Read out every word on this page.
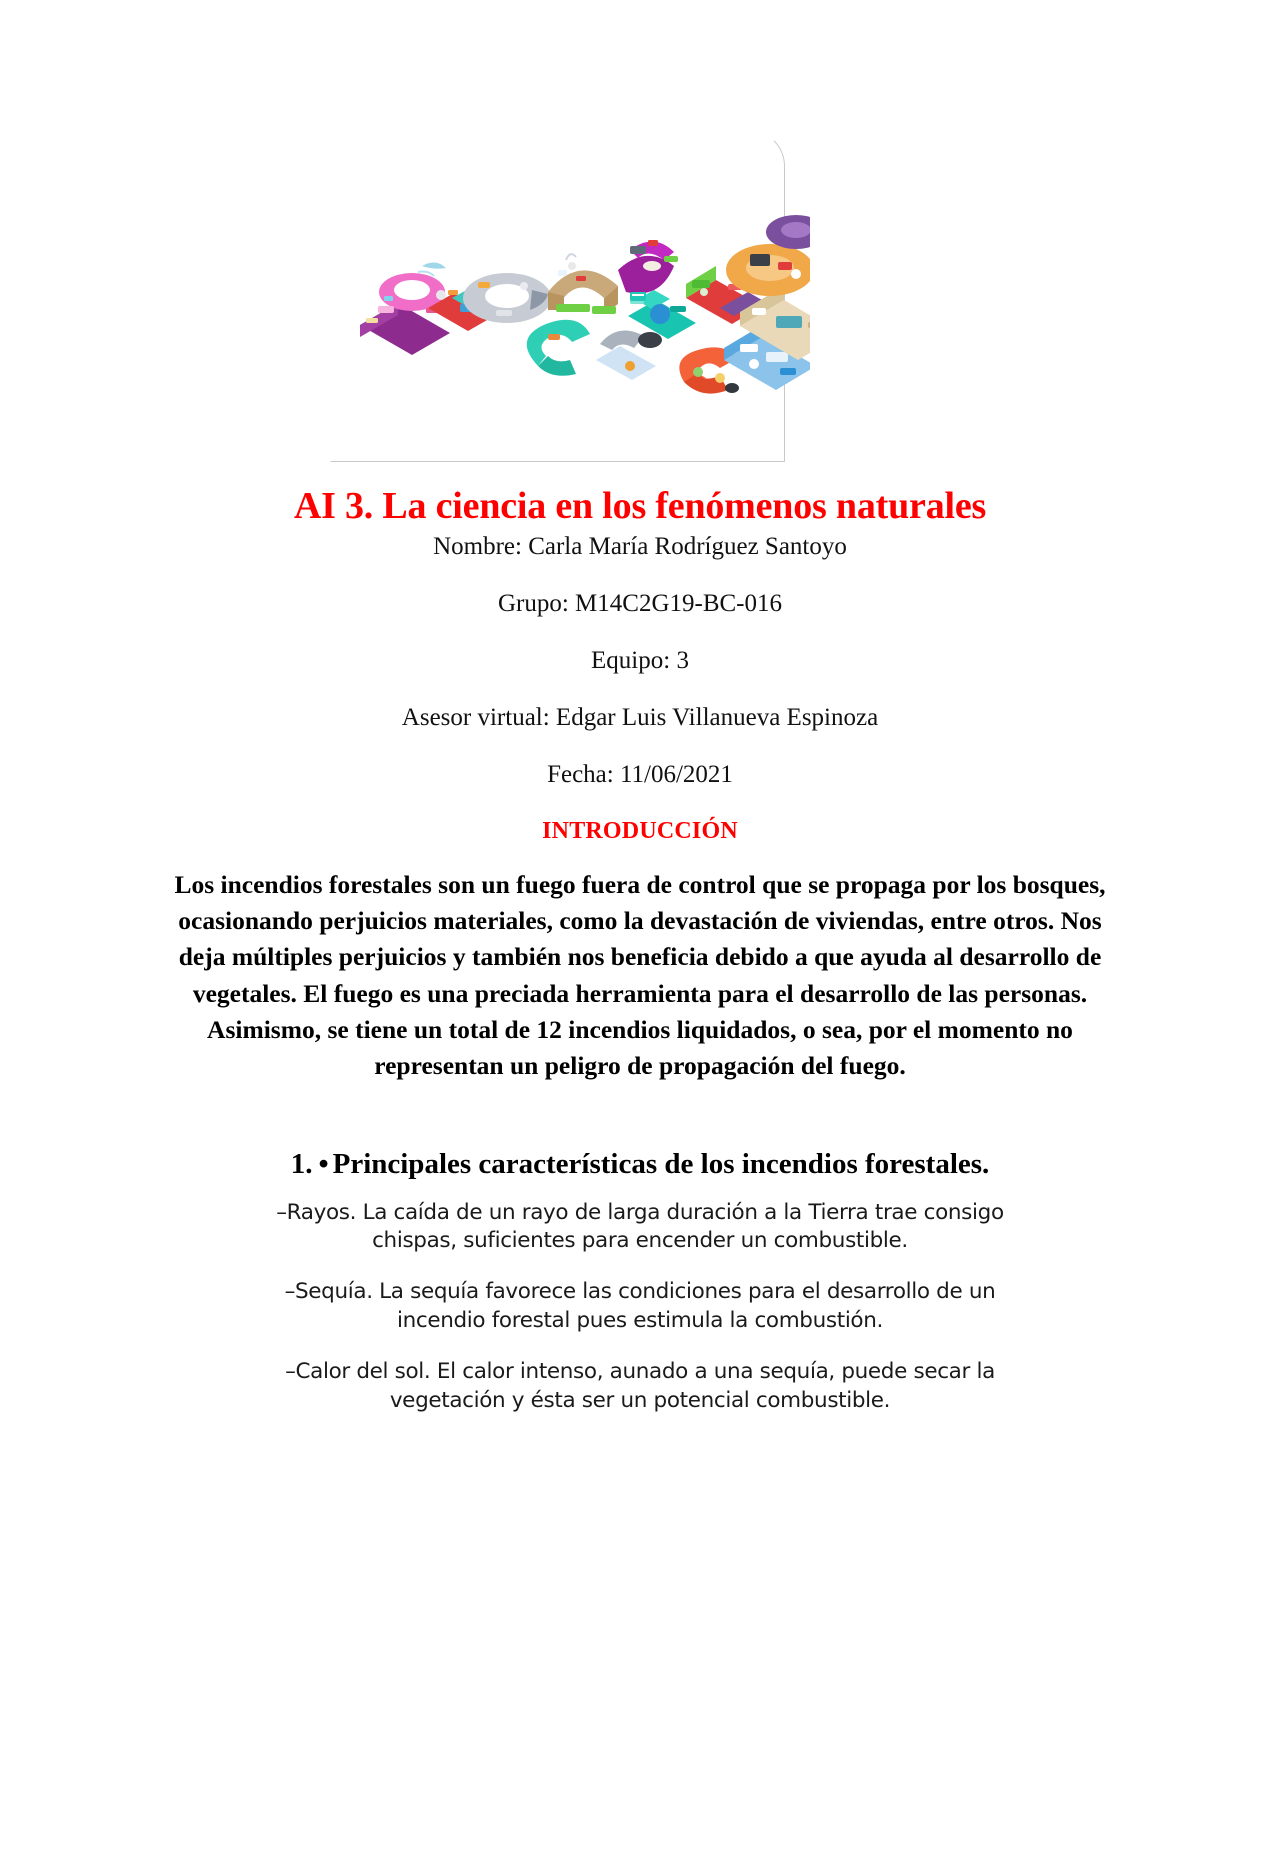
AI 3. La ciencia en los fenómenos naturales
Nombre: Carla María Rodríguez Santoyo
Grupo: M14C2G19-BC-016
Equipo: 3
Asesor virtual: Edgar Luis Villanueva Espinoza
Fecha: 11/06/2021
INTRODUCCIÓN

Los incendios forestales son un fuego fuera de control que se propaga por los bosques, ocasionando perjuicios materiales, como la devastación de viviendas, entre otros. Nos deja múltiples perjuicios y también nos beneficia debido a que ayuda al desarrollo de vegetales. El fuego es una preciada herramienta para el desarrollo de las personas. Asimismo, se tiene un total de 12 incendios liquidados, o sea, por el momento no representan un peligro de propagación del fuego.

1. • Principales características de los incendios forestales.
–Rayos. La caída de un rayo de larga duración a la Tierra trae consigo chispas, suficientes para encender un combustible.
–Sequía. La sequía favorece las condiciones para el desarrollo de un incendio forestal pues estimula la combustión.
–Calor del sol. El calor intenso, aunado a una sequía, puede secar la vegetación y ésta ser un potencial combustible.
